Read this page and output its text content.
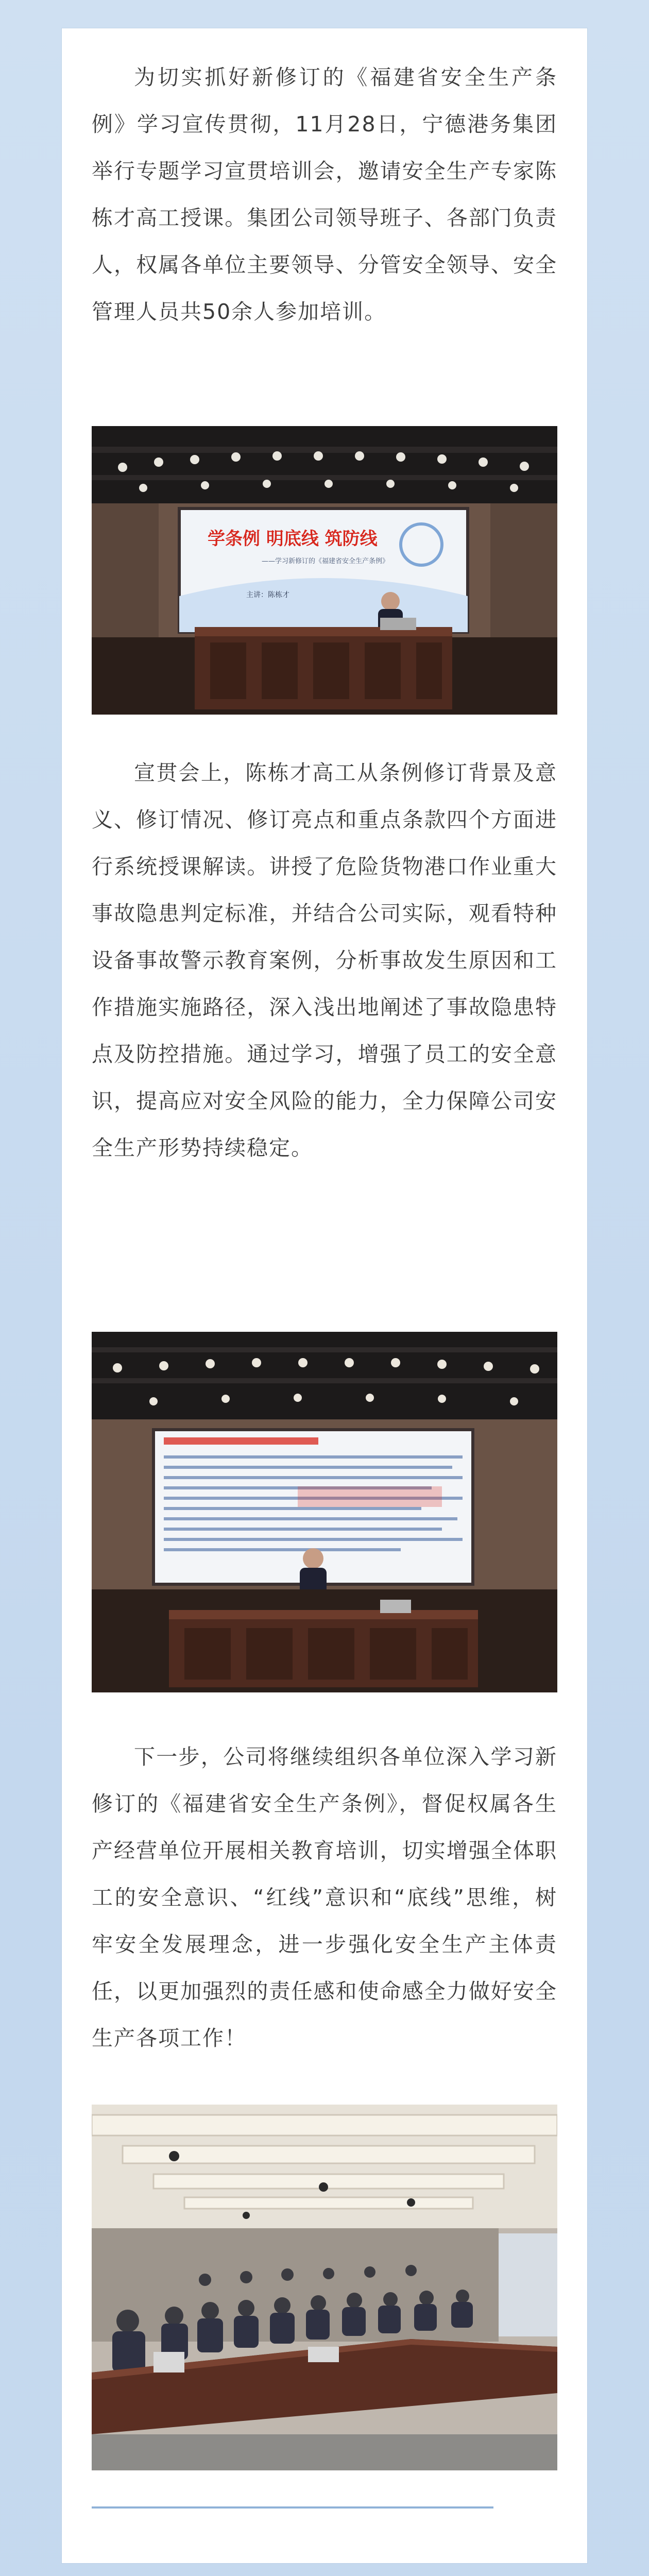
为切实抓好新修订的《福建省安全生产条例》学习宣传贯彻，11月28日，宁德港务集团举行专题学习宣贯培训会，邀请安全生产专家陈栋才高工授课。集团公司领导班子、各部门负责人，权属各单位主要领导、分管安全领导、安全管理人员共50余人参加培训。

学条例 明底线 筑防线
——学习新修订的《福建省安全生产条例》
主讲：陈栋才

宣贯会上，陈栋才高工从条例修订背景及意义、修订情况、修订亮点和重点条款四个方面进行系统授课解读。讲授了危险货物港口作业重大事故隐患判定标准，并结合公司实际，观看特种设备事故警示教育案例，分析事故发生原因和工作措施实施路径，深入浅出地阐述了事故隐患特点及防控措施。通过学习，增强了员工的安全意识，提高应对安全风险的能力，全力保障公司安全生产形势持续稳定。

下一步，公司将继续组织各单位深入学习新修订的《福建省安全生产条例》，督促权属各生产经营单位开展相关教育培训，切实增强全体职工的安全意识、“红线”意识和“底线”思维，树牢安全发展理念，进一步强化安全生产主体责任，以更加强烈的责任感和使命感全力做好安全生产各项工作！
